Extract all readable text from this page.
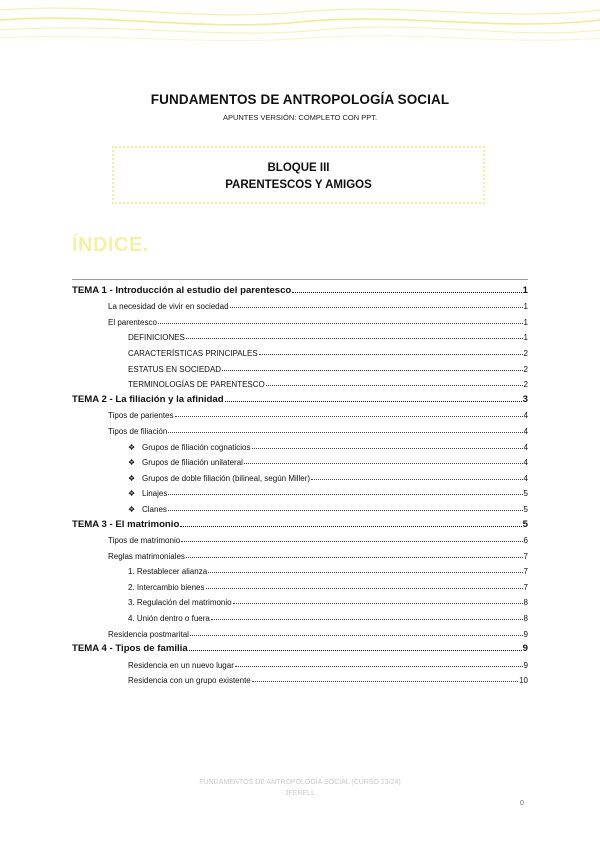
FUNDAMENTOS DE ANTROPOLOGÍA SOCIAL
APUNTES VERSIÓN: COMPLETO CON PPT.
BLOQUE III
PARENTESCOS Y AMIGOS
ÍNDICE.
TEMA 1 - Introducción al estudio del parentesco	1
La necesidad de vivir en sociedad	1
El parentesco	1
DEFINICIONES	1
CARACTERÍSTICAS PRINCIPALES	2
ESTATUS EN SOCIEDAD	2
TERMINOLOGÍAS DE PARENTESCO	2
TEMA 2 - La filiación y la afinidad	3
Tipos de parientes	4
Tipos de filiación	4
❖ Grupos de filiación cognaticios	4
❖ Grupos de filiación unilateral	4
❖ Grupos de doble filiación (bilineal, según Miller)	4
❖ Linajes	5
❖ Clanes	5
TEMA 3 - El matrimonio	5
Tipos de matrimonio	6
Reglas matrimoniales	7
1. Restablecer alianza	7
2. Intercambio bienes	7
3. Regulación del matrimonio	8
4. Unión dentro o fuera	8
Residencia postmarital	9
TEMA 4 - Tipos de familia	9
Residencia en un nuevo lugar	9
Residencia con un grupo existente	10
FUNDAMENTOS DE ANTROPOLOGÍA SOCIAL (CURSO 23/24)
JFERELL
0
